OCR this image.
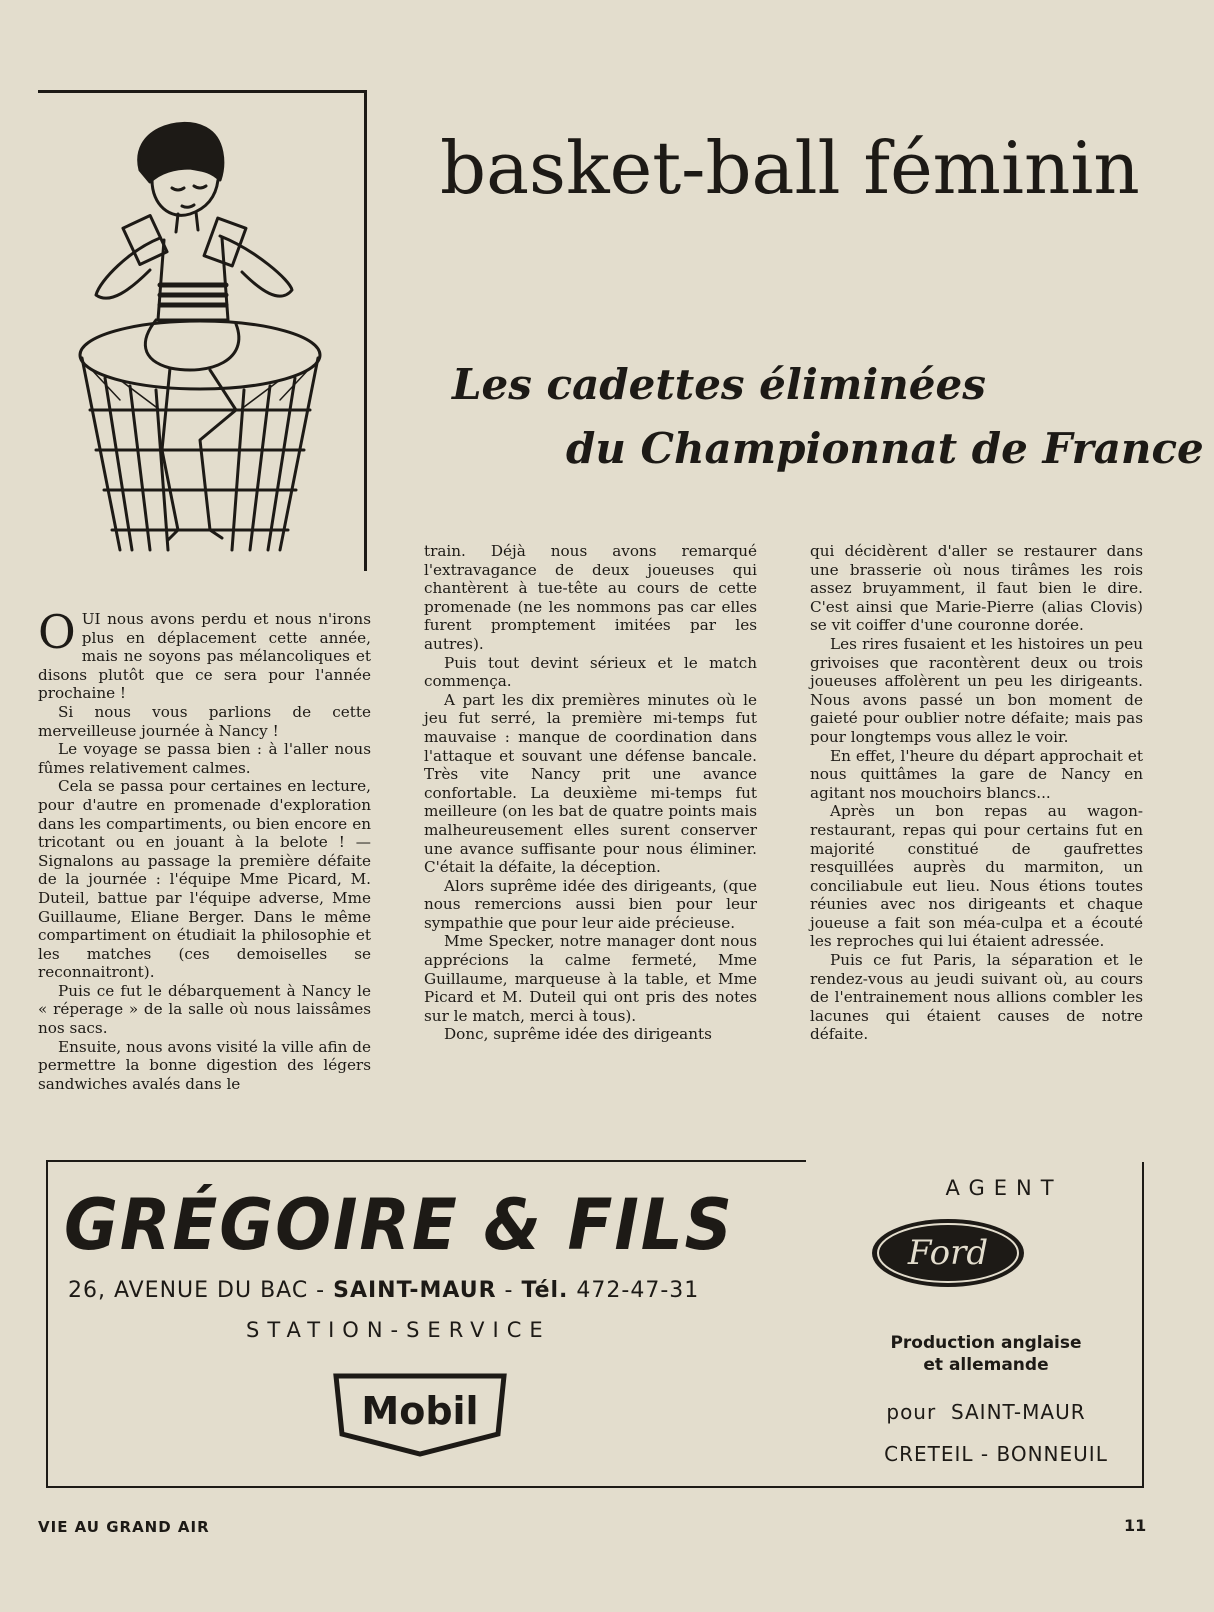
basket-ball féminin
Les cadettes éliminées
du Championnat de France

OUI nous avons perdu et nous n'irons plus en déplacement cette année, mais ne soyons pas mélancoliques et disons plutôt que ce sera pour l'année prochaine !

Si nous vous parlions de cette merveilleuse journée à Nancy !

Le voyage se passa bien : à l'aller nous fûmes relativement calmes.

Cela se passa pour certaines en lecture, pour d'autre en promenade d'exploration dans les compartiments, ou bien encore en tricotant ou en jouant à la belote ! — Signalons au passage la première défaite de la journée : l'équipe Mme Picard, M. Duteil, battue par l'équipe adverse, Mme Guillaume, Eliane Berger. Dans le même compartiment on étudiait la philosophie et les matches (ces demoiselles se reconnaitront).

Puis ce fut le débarquement à Nancy le « réperage » de la salle où nous laissâmes nos sacs.

Ensuite, nous avons visité la ville afin de permettre la bonne digestion des légers sandwiches avalés dans le

train. Déjà nous avons remarqué l'extravagance de deux joueuses qui chantèrent à tue-tête au cours de cette promenade (ne les nommons pas car elles furent promptement imitées par les autres).

Puis tout devint sérieux et le match commença.

A part les dix premières minutes où le jeu fut serré, la première mi-temps fut mauvaise : manque de coordination dans l'attaque et souvant une défense bancale. Très vite Nancy prit une avance confortable. La deuxième mi-temps fut meilleure (on les bat de quatre points mais malheureusement elles surent conserver une avance suffisante pour nous éliminer. C'était la défaite, la déception.

Alors suprême idée des dirigeants, (que nous remercions aussi bien pour leur sympathie que pour leur aide précieuse.

Mme Specker, notre manager dont nous apprécions la calme fermeté, Mme Guillaume, marqueuse à la table, et Mme Picard et M. Duteil qui ont pris des notes sur le match, merci à tous).

Donc, suprême idée des dirigeants

qui décidèrent d'aller se restaurer dans une brasserie où nous tirâmes les rois assez bruyamment, il faut bien le dire. C'est ainsi que Marie-Pierre (alias Clovis) se vit coiffer d'une couronne dorée.

Les rires fusaient et les histoires un peu grivoises que racontèrent deux ou trois joueuses affolèrent un peu les dirigeants. Nous avons passé un bon moment de gaieté pour oublier notre défaite; mais pas pour longtemps vous allez le voir.

En effet, l'heure du départ approchait et nous quittâmes la gare de Nancy en agitant nos mouchoirs blancs...

Après un bon repas au wagon-restaurant, repas qui pour certains fut en majorité constitué de gaufrettes resquillées auprès du marmiton, un conciliabule eut lieu. Nous étions toutes réunies avec nos dirigeants et chaque joueuse a fait son méa-culpa et a écouté les reproches qui lui étaient adressée.

Puis ce fut Paris, la séparation et le rendez-vous au jeudi suivant où, au cours de l'entrainement nous allions combler les lacunes qui étaient causes de notre défaite.

GRÉGOIRE & FILS
26, AVENUE DU BAC - SAINT-MAUR - Tél. 472-47-31
STATION-SERVICE
Mobil
AGENT
Ford
Production anglaise
et allemande
pour SAINT-MAUR
CRETEIL - BONNEUIL
VIE AU GRAND AIR	11
